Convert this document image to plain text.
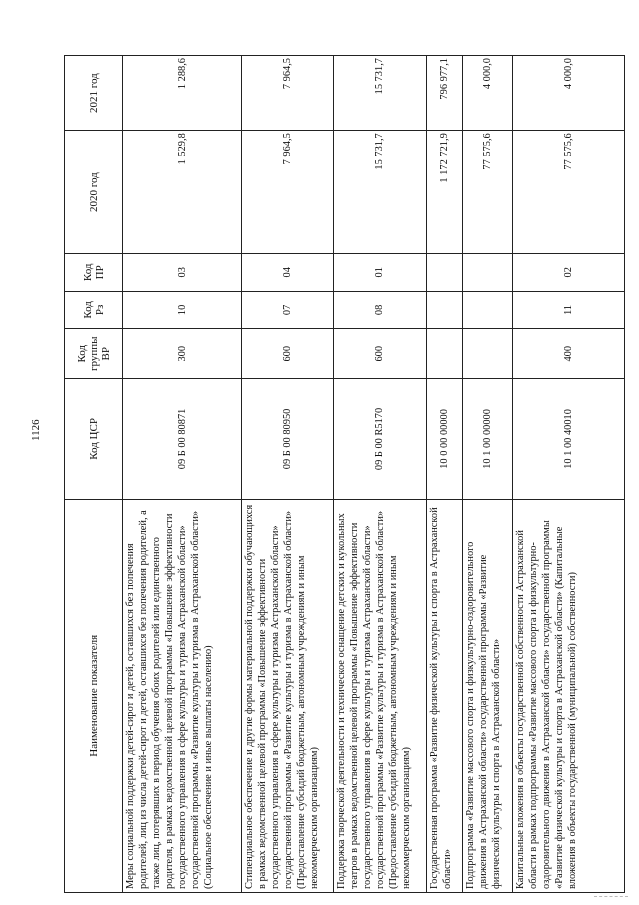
1126
Наименование показателя	Код ЦСР	Код группы ВР	Код Рз	Код ПР	2020 год	2021 год
Меры социальной поддержки детей-сирот и детей, оставшихся без попечения родителей, лиц из числа детей-сирот и детей, оставшихся без попечения родителей, а также лиц, потерявших в период обучения обоих родителей или единственного родителя, в рамках ведомственной целевой программы «Повышение эффективности государственного управления в сфере культуры и туризма Астраханской области» государственной программы «Развитие культуры и туризма в Астраханской области» (Социальное обеспечение и иные выплаты населению)	09 Б 00 80871	300	10	03	1 529,8	1 288,6
Стипендиальное обеспечение и другие формы материальной поддержки обучающихся в рамках ведомственной целевой программы «Повышение эффективности государственного управления в сфере культуры и туризма Астраханской области» государственной программы «Развитие культуры и туризма в Астраханской области» (Предоставление субсидий бюджетным, автономным учреждениям и иным некоммерческим организациям)	09 Б 00 80950	600	07	04	7 964,5	7 964,5
Поддержка творческой деятельности и техническое оснащение детских и кукольных театров в рамках ведомственной целевой программы «Повышение эффективности государственного управления в сфере культуры и туризма Астраханской области» государственной программы «Развитие культуры и туризма в Астраханской области» (Предоставление субсидий бюджетным, автономным учреждениям и иным некоммерческим организациям)	09 Б 00 R5170	600	08	01	15 731,7	15 731,7
Государственная программа «Развитие физической культуры и спорта в Астраханской области»	10 0 00 00000				1 172 721,9	796 977,1
Подпрограмма «Развитие массового спорта и физкультурно-оздоровительного движения в Астраханской области» государственной программы «Развитие физической культуры и спорта в Астраханской области»	10 1 00 00000				77 575,6	4 000,0
Капитальные вложения в объекты государственной собственности Астраханской области в рамках подпрограммы «Развитие массового спорта и физкультурно-оздоровительного движения в Астраханской области» государственной программы «Развитие физической культуры и спорта в Астраханской области» (Капитальные вложения в объекты государственной (муниципальной) собственности)	10 1 00 40010	400	11	02	77 575,6	4 000,0
